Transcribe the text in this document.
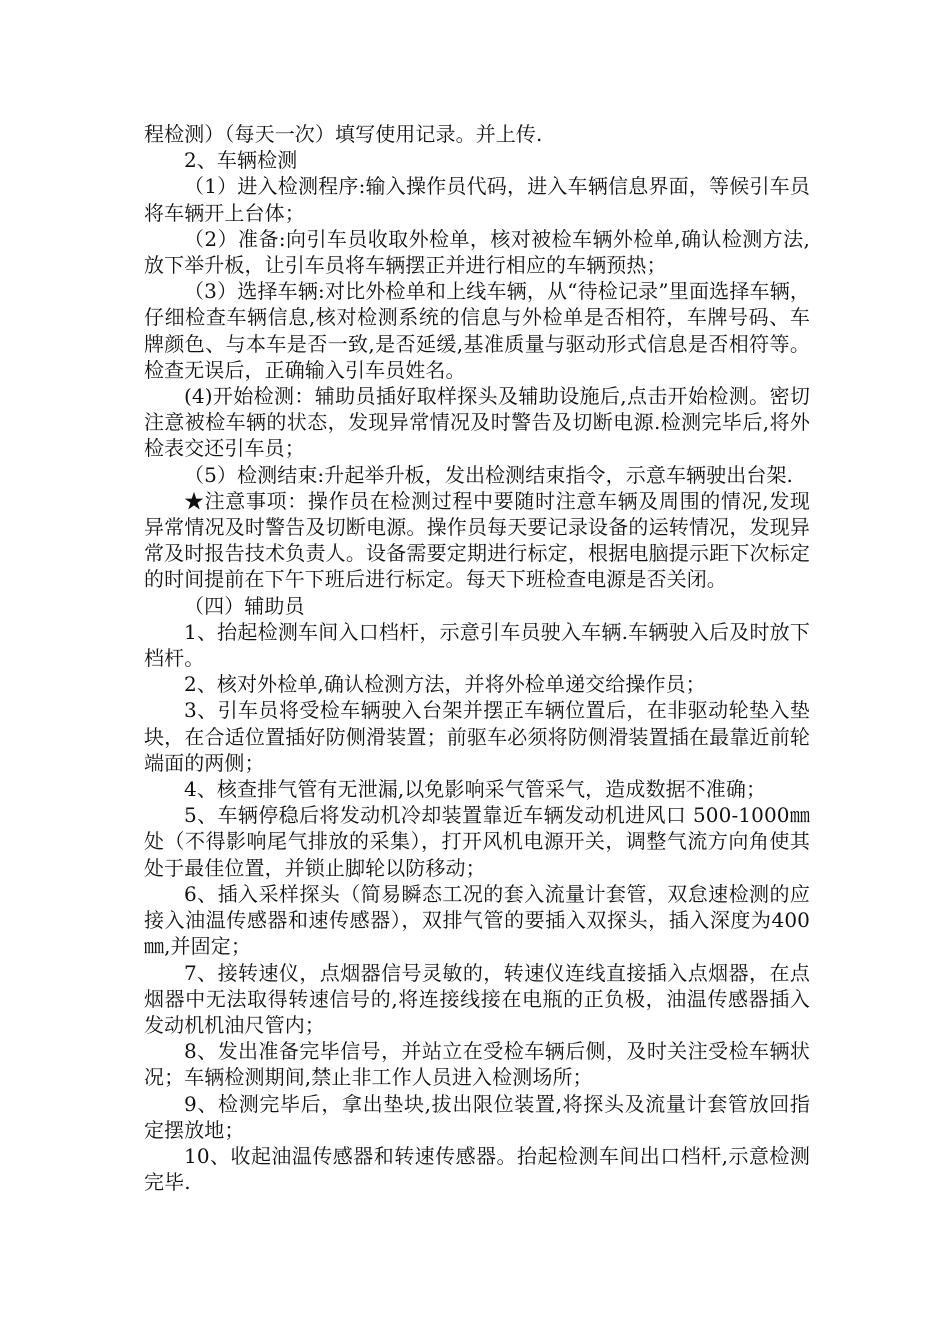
程检测）（每天一次）填写使用记录。并上传.

2、车辆检测

（1）进入检测程序:输入操作员代码，进入车辆信息界面，等候引车员将车辆开上台体；

（2）准备:向引车员收取外检单，核对被检车辆外检单,确认检测方法,放下举升板，让引车员将车辆摆正并进行相应的车辆预热；

（3）选择车辆:对比外检单和上线车辆，从“待检记录”里面选择车辆，仔细检查车辆信息,核对检测系统的信息与外检单是否相符，车牌号码、车牌颜色、与本车是否一致,是否延缓,基准质量与驱动形式信息是否相符等。检查无误后，正确输入引车员姓名。

(4)开始检测：辅助员插好取样探头及辅助设施后,点击开始检测。密切注意被检车辆的状态，发现异常情况及时警告及切断电源.检测完毕后,将外检表交还引车员；

（5）检测结束:升起举升板，发出检测结束指令，示意车辆驶出台架.

★注意事项：操作员在检测过程中要随时注意车辆及周围的情况,发现异常情况及时警告及切断电源。操作员每天要记录设备的运转情况，发现异常及时报告技术负责人。设备需要定期进行标定，根据电脑提示距下次标定的时间提前在下午下班后进行标定。每天下班检查电源是否关闭。

（四）辅助员

1、抬起检测车间入口档杆，示意引车员驶入车辆.车辆驶入后及时放下档杆。

2、核对外检单,确认检测方法，并将外检单递交给操作员；

3、引车员将受检车辆驶入台架并摆正车辆位置后，在非驱动轮垫入垫块，在合适位置插好防侧滑装置；前驱车必须将防侧滑装置插在最靠近前轮端面的两侧；

4、核查排气管有无泄漏,以免影响采气管采气，造成数据不准确；

5、车辆停稳后将发动机冷却装置靠近车辆发动机进风口 500-1000㎜ 处（不得影响尾气排放的采集），打开风机电源开关，调整气流方向角使其处于最佳位置，并锁止脚轮以防移动；

6、插入采样探头（简易瞬态工况的套入流量计套管，双怠速检测的应接入油温传感器和速传感器），双排气管的要插入双探头，插入深度为400㎜,并固定；

7、接转速仪，点烟器信号灵敏的，转速仪连线直接插入点烟器，在点烟器中无法取得转速信号的,将连接线接在电瓶的正负极，油温传感器插入发动机机油尺管内；

8、发出准备完毕信号，并站立在受检车辆后侧，及时关注受检车辆状况；车辆检测期间,禁止非工作人员进入检测场所；

9、检测完毕后，拿出垫块,拔出限位装置,将探头及流量计套管放回指定摆放地；

10、收起油温传感器和转速传感器。抬起检测车间出口档杆,示意检测完毕.
